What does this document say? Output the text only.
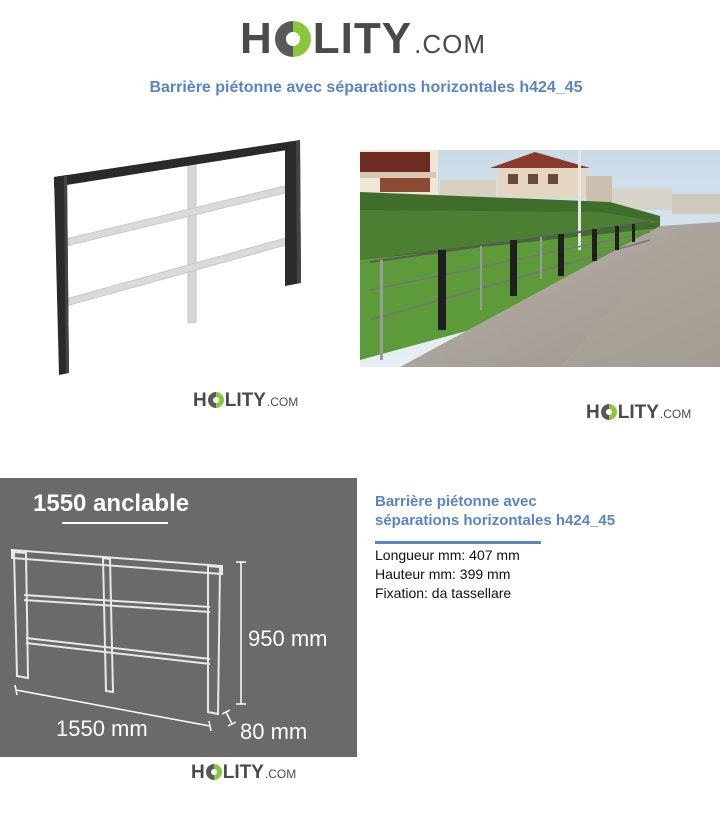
H LITY .COM
Barrière piétonne avec séparations horizontales h424_45
H LITY .COM	H LITY .COM
1550 anclable
950 mm
1550 mm	80 mm
H LITY .COM
Barrière piétonne avec
séparations horizontales h424_45
Longueur mm: 407 mm
Hauteur mm: 399 mm
Fixation: da tassellare
